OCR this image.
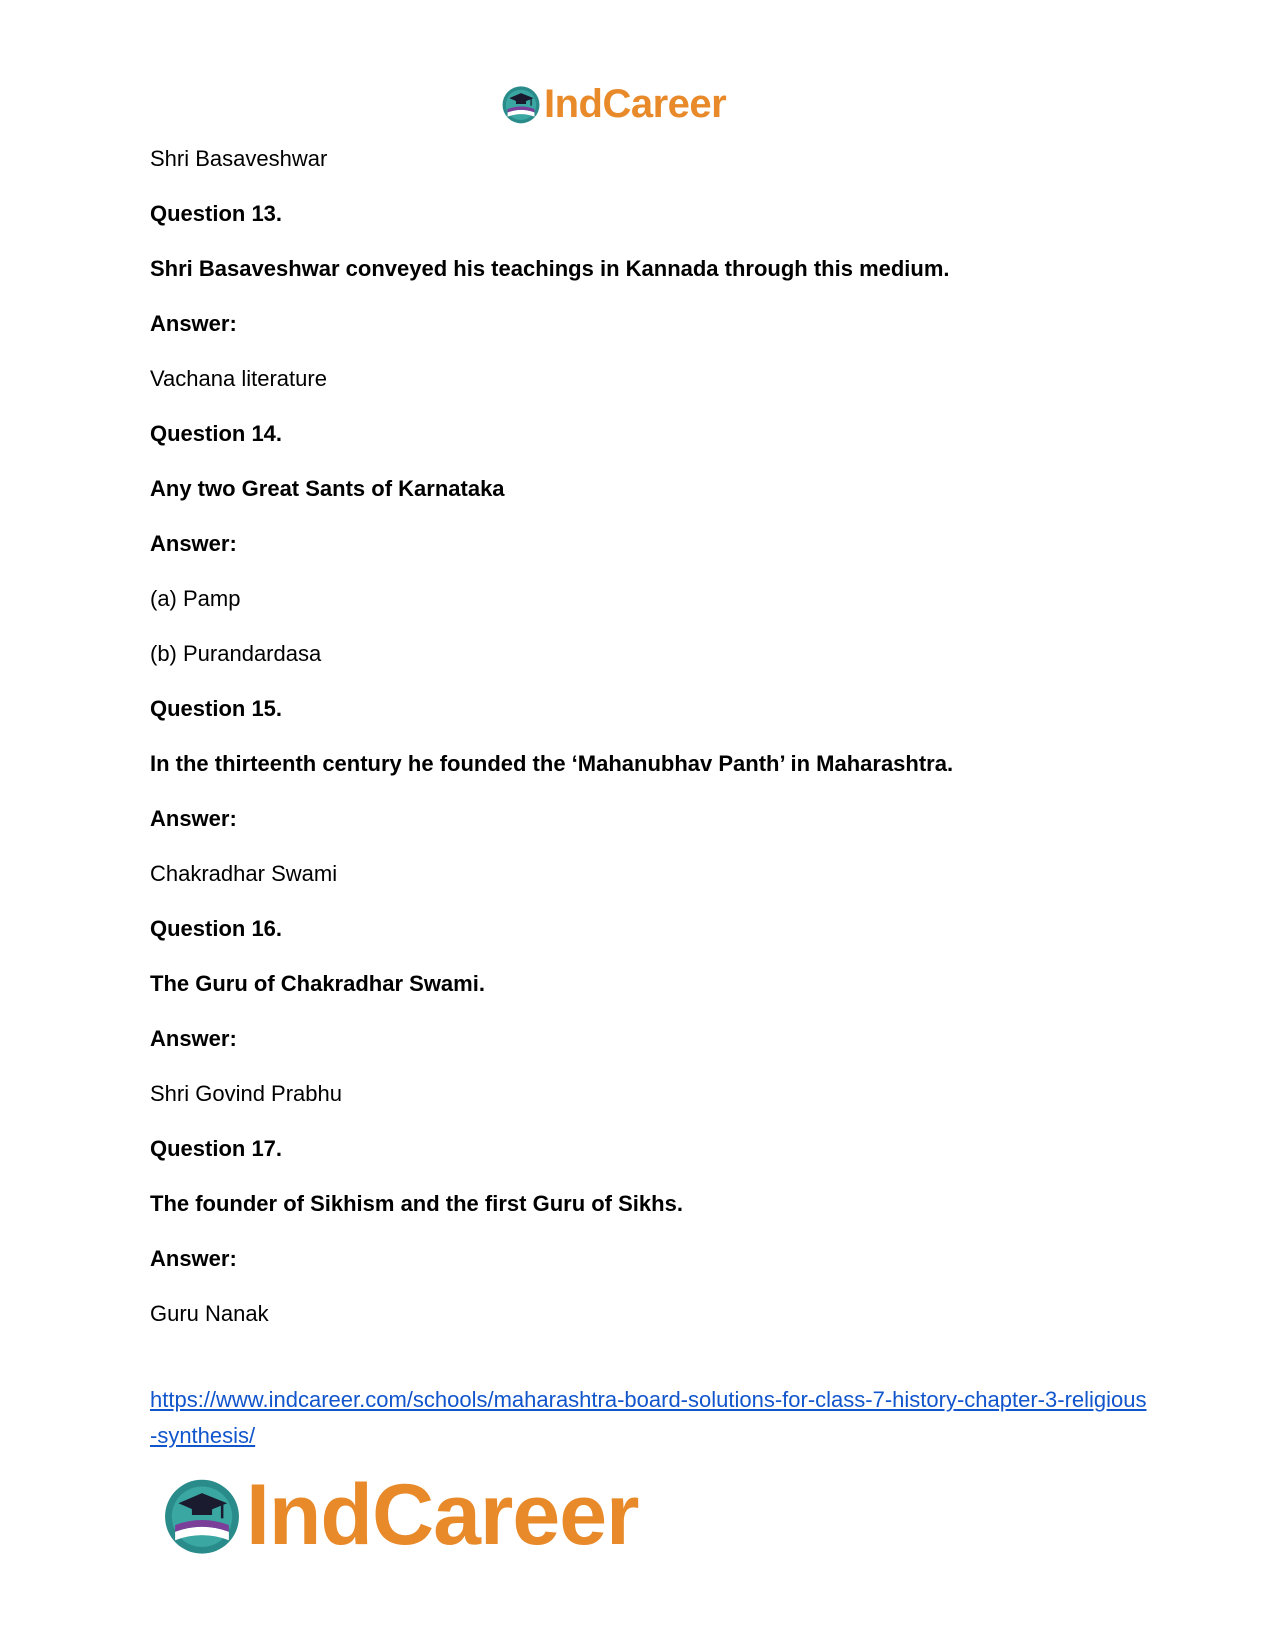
IndCareer
Shri Basaveshwar
Question 13.
Shri Basaveshwar conveyed his teachings in Kannada through this medium.
Answer:
Vachana literature
Question 14.
Any two Great Sants of Karnataka
Answer:
(a) Pamp
(b) Purandardasa
Question 15.
In the thirteenth century he founded the ‘Mahanubhav Panth’ in Maharashtra.
Answer:
Chakradhar Swami
Question 16.
The Guru of Chakradhar Swami.
Answer:
Shri Govind Prabhu
Question 17.
The founder of Sikhism and the first Guru of Sikhs.
Answer:
Guru Nanak
https://www.indcareer.com/schools/maharashtra-board-solutions-for-class-7-history-chapter-3-religious-synthesis/
IndCareer
